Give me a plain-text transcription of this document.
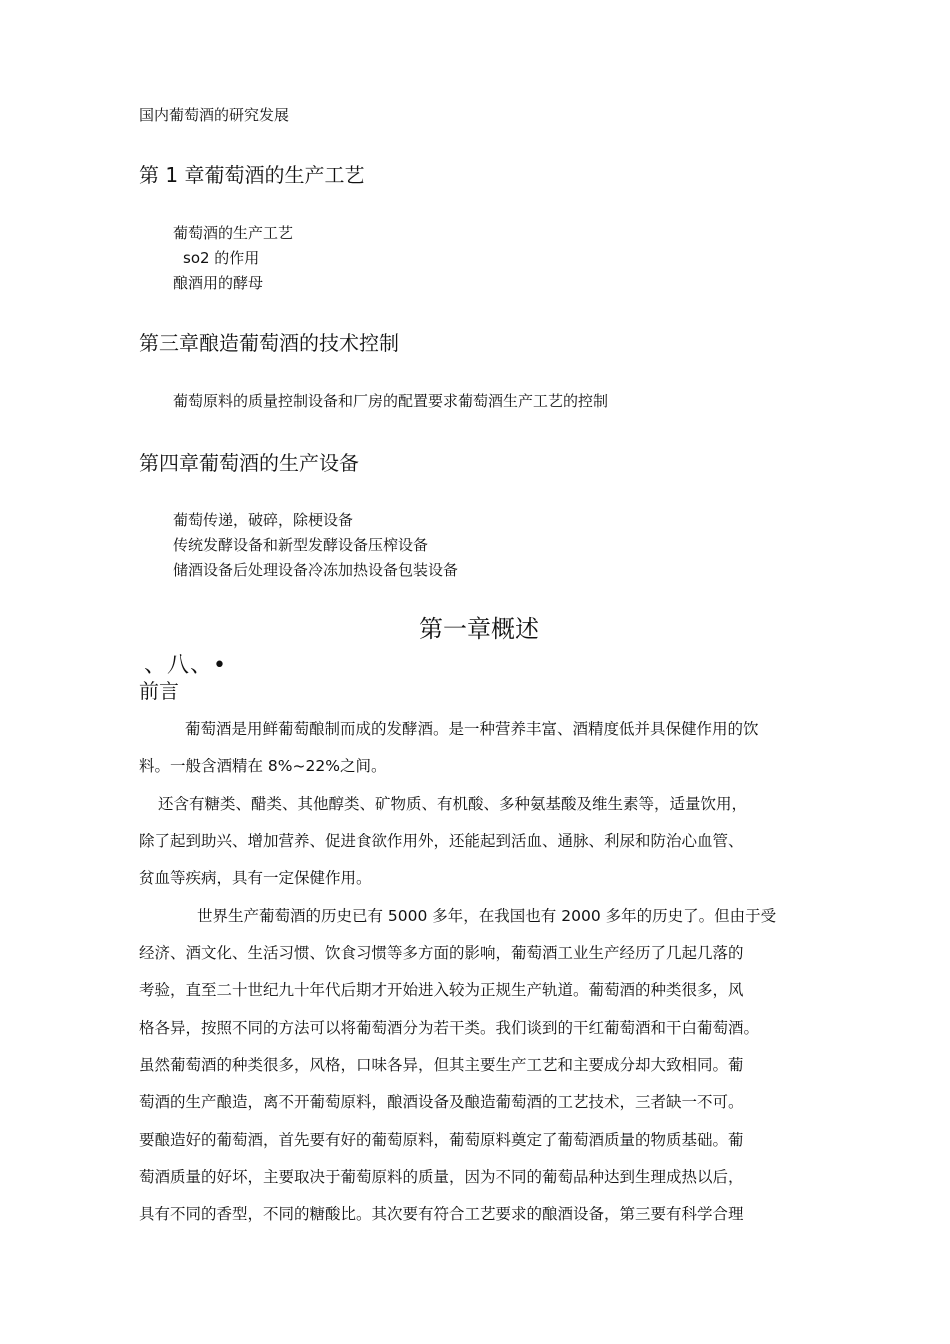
国内葡萄酒的研究发展
第 1 章葡萄酒的生产工艺
葡萄酒的生产工艺
so2 的作用
酿酒用的酵母
第三章酿造葡萄酒的技术控制
葡萄原料的质量控制设备和厂房的配置要求葡萄酒生产工艺的控制
第四章葡萄酒的生产设备
葡萄传递，破碎，除梗设备
传统发酵设备和新型发酵设备压榨设备
储酒设备后处理设备冷冻加热设备包装设备
第一章概述
、八、•
前言
葡萄酒是用鲜葡萄酿制而成的发酵酒。是一种营养丰富、酒精度低并具保健作用的饮
料。一般含酒精在 8%~22%之间。
还含有糖类、醋类、其他醇类、矿物质、有机酸、多种氨基酸及维生素等，适量饮用，
除了起到助兴、增加营养、促进食欲作用外，还能起到活血、通脉、利尿和防治心血管、
贫血等疾病，具有一定保健作用。
世界生产葡萄酒的历史已有 5000 多年，在我国也有 2000 多年的历史了。但由于受
经济、酒文化、生活习惯、饮食习惯等多方面的影响，葡萄酒工业生产经历了几起几落的
考验，直至二十世纪九十年代后期才开始进入较为正规生产轨道。葡萄酒的种类很多，风
格各异，按照不同的方法可以将葡萄酒分为若干类。我们谈到的干红葡萄酒和干白葡萄酒。
虽然葡萄酒的种类很多，风格，口味各异，但其主要生产工艺和主要成分却大致相同。葡
萄酒的生产酿造，离不开葡萄原料，酿酒设备及酿造葡萄酒的工艺技术，三者缺一不可。
要酿造好的葡萄酒，首先要有好的葡萄原料，葡萄原料奠定了葡萄酒质量的物质基础。葡
萄酒质量的好坏，主要取决于葡萄原料的质量，因为不同的葡萄品种达到生理成热以后，
具有不同的香型，不同的糖酸比。其次要有符合工艺要求的酿酒设备，第三要有科学合理
